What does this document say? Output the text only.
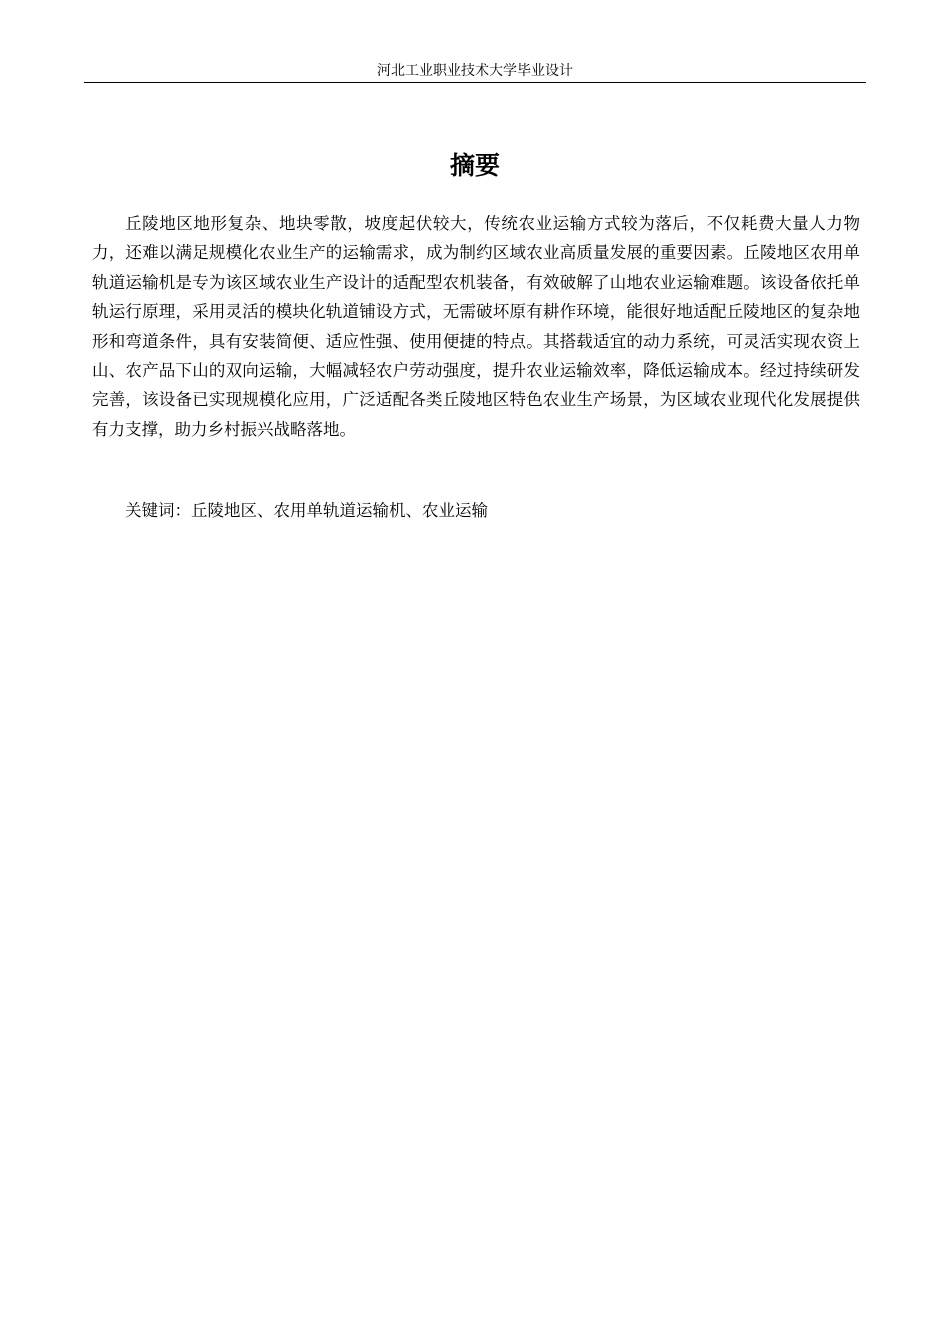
河北工业职业技术大学毕业设计
摘要

丘陵地区地形复杂、地块零散，坡度起伏较大，传统农业运输方式较为落后，不仅耗费大量人力物力，还难以满足规模化农业生产的运输需求，成为制约区域农业高质量发展的重要因素。丘陵地区农用单轨道运输机是专为该区域农业生产设计的适配型农机装备，有效破解了山地农业运输难题。该设备依托单轨运行原理，采用灵活的模块化轨道铺设方式，无需破坏原有耕作环境，能很好地适配丘陵地区的复杂地形和弯道条件，具有安装简便、适应性强、使用便捷的特点。其搭载适宜的动力系统，可灵活实现农资上山、农产品下山的双向运输，大幅减轻农户劳动强度，提升农业运输效率，降低运输成本。经过持续研发完善，该设备已实现规模化应用，广泛适配各类丘陵地区特色农业生产场景，为区域农业现代化发展提供有力支撑，助力乡村振兴战略落地。

关键词：丘陵地区、农用单轨道运输机、农业运输
